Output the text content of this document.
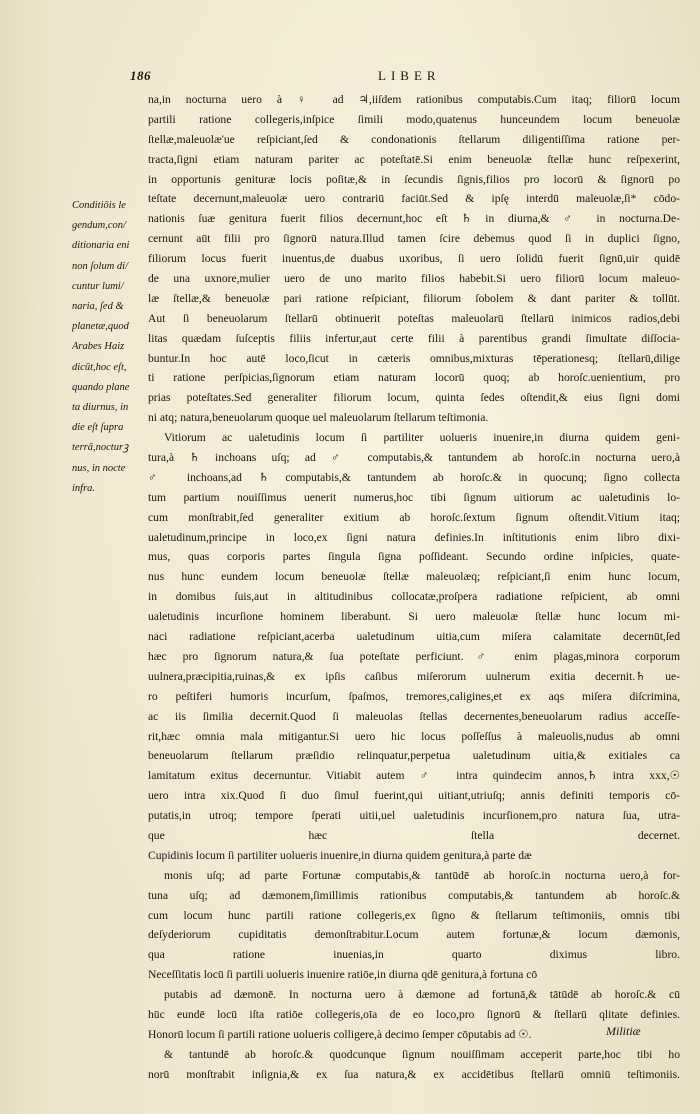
186	LIBER
Conditiōis le
gendum,con/
ditionaria eni
non ſolum di/
cuntur lumi/
naria, ſed &
planetæ,quod
Arabes Haiz
dicūt,hoc eſt,
quando plane
ta diurnus, in
die eſt ſupra
terrā,nocturꝫ
nus, in nocte
infra.
na,in nocturna uero à ♀ ad ♃,iiſdem rationibus computabis.Cum itaq; filiorū locum
partili ratione collegeris,inſpice ſimili modo,quatenus hunceundem locum beneuolæ
ſtellæ,maleuolæ'ue reſpiciant,ſed & condonationis ſtellarum diligentiſſima ratione per-
tracta,ſigni etiam naturam pariter ac poteſtatē.Si enim beneuolæ ſtellæ hunc reſpexerint,
in opportunis genituræ locis poſitæ,& in ſecundis ſignis,filios pro locorū & ſignorū po
teſtate decernunt,maleuolæ uero contrariū faciūt.Sed & ipſę interdū maleuolæ,ſi* cōdo-
nationis ſuæ genitura fuerit filios decernunt,hoc eſt ♄ in diurna,& ♂ in nocturna.De-
cernunt aūt filii pro ſignorū natura.Illud tamen ſcire debemus quod ſi in duplici ſigno,
filiorum locus fuerit inuentus,de duabus uxoribus, ſi uero ſolidū fuerit ſignū,uir quidē
de una uxnore,mulier uero de uno marito filios habebit.Si uero filiorū locum maleuo-
læ ſtellæ,& beneuolæ pari ratione reſpiciant, filiorum ſobolem & dant pariter & tollūt.
Aut ſi beneuolarum ſtellarū obtinuerit poteſtas maleuolarū ſtellarū inimicos radios,debi
litas quædam ſuſceptis filiis infertur,aut certe filii à parentibus grandi ſimultate diſſocia-
buntur.In hoc autē loco,ſicut in cæteris omnibus,mixturas tēperationesq; ſtellarū,dilige
ti ratione perſpicias,ſignorum etiam naturam locorū quoq; ab horoſc.uenientium, pro
prias poteſtates.Sed generaliter filiorum locum, quinta ſedes oſtendit,& eius ſigni domi
ni atq; natura,beneuolarum quoque uel maleuolarum ſtellarum teſtimonia.
Vitiorum ac ualetudinis locum ſi partiliter uolueris inuenire,in diurna quidem geni-
tura,à ♄ inchoans uſq; ad ♂ computabis,& tantundem ab horoſc.in nocturna uero,à
♂ inchoans,ad ♄ computabis,& tantundem ab horoſc.& in quocunq; ſigno collecta
tum partium nouiſſimus uenerit numerus,hoc tibi ſignum uitiorum ac ualetudinis lo-
cum monſtrabit,ſed generaliter exitium ab horoſc.ſextum ſignum oſtendit.Vitium itaq;
ualetudinum,principe in loco,ex ſigni natura definies.In inſtitutionis enim libro dixi-
mus, quas corporis partes ſingula ſigna poſſideant. Secundo ordine inſpicies, quate-
nus hunc eundem locum beneuolæ ſtellæ maleuolæq; reſpiciant,ſi enim hunc locum,
in domibus ſuis,aut in altitudinibus collocatæ,proſpera radiatione reſpicient, ab omni
ualetudinis incurſione hominem liberabunt. Si uero maleuolæ ſtellæ hunc locum mi-
naci radiatione reſpiciant,acerba ualetudinum uitia,cum miſera calamitate decernūt,ſed
hæc pro ſignorum natura,& ſua poteſtate perficiunt.♂ enim plagas,minora corporum
uulnera,præcipitia,ruinas,& ex ipſis caſibus miſerorum uulnerum exitia decernit.♄ ue-
ro peſtiferi humoris incurſum, ſpaſmos, tremores,caligines,et ex aqs miſera diſcrimina,
ac iis ſimilia decernit.Quod ſi maleuolas ſtellas decernentes,beneuolarum radius acceſſe-
rit,hæc omnia mala mitigantur.Si uero hic locus poſſeſſus à maleuolis,nudus ab omni
beneuolarum ſtellarum præſidio relinquatur,perpetua ualetudinum uitia,& exitiales ca
lamitatum exitus decernuntur. Vitiabit autem ♂ intra quindecim annos,♄ intra xxx,☉
uero intra xix.Quod ſi duo ſimul fuerint,qui uitiant,utriuſq; annis definiti temporis cō-
putatis,in utroq; tempore ſperati uitii,uel ualetudinis incurſionem,pro natura ſua, utra-
que hæc ſtella decernet.
Cupidinis locum ſi partiliter uolueris inuenire,in diurna quidem genitura,à parte dæ
monis uſq; ad parte Fortunæ computabis,& tantūdē ab horoſc.in nocturna uero,à for-
tuna uſq; ad dæmonem,ſimillimis rationibus computabis,& tantundem ab horoſc.&
cum locum hunc partili ratione collegeris,ex ſigno & ſtellarum teſtimoniis, omnis tibi
deſyderiorum cupiditatis demonſtrabitur.Locum autem fortunæ,& locum dæmonis,
qua ratione inuenias,in quarto diximus libro.
Neceſſitatis locū ſi partili uolueris inuenire ratiōe,in diurna qdē genitura,à fortuna cō
putabis ad dæmonē. In nocturna uero à dæmone ad fortunā,& tātūdē ab horoſc.& cū
hūc eundē locū iſta ratiōe collegeris,oīa de eo loco,pro ſignorū & ſtellarū qlitate definies.
Honorū locum ſi partili ratione uolueris colligere,à decimo ſemper cōputabis ad ☉.
& tantundē ab horoſc.& quodcunque ſignum nouiſſimam acceperit parte,hoc tibi ho
norū monſtrabit inſignia,& ex ſua natura,& ex accidētibus ſtellarū omniū teſtimoniis.
Militiæ
